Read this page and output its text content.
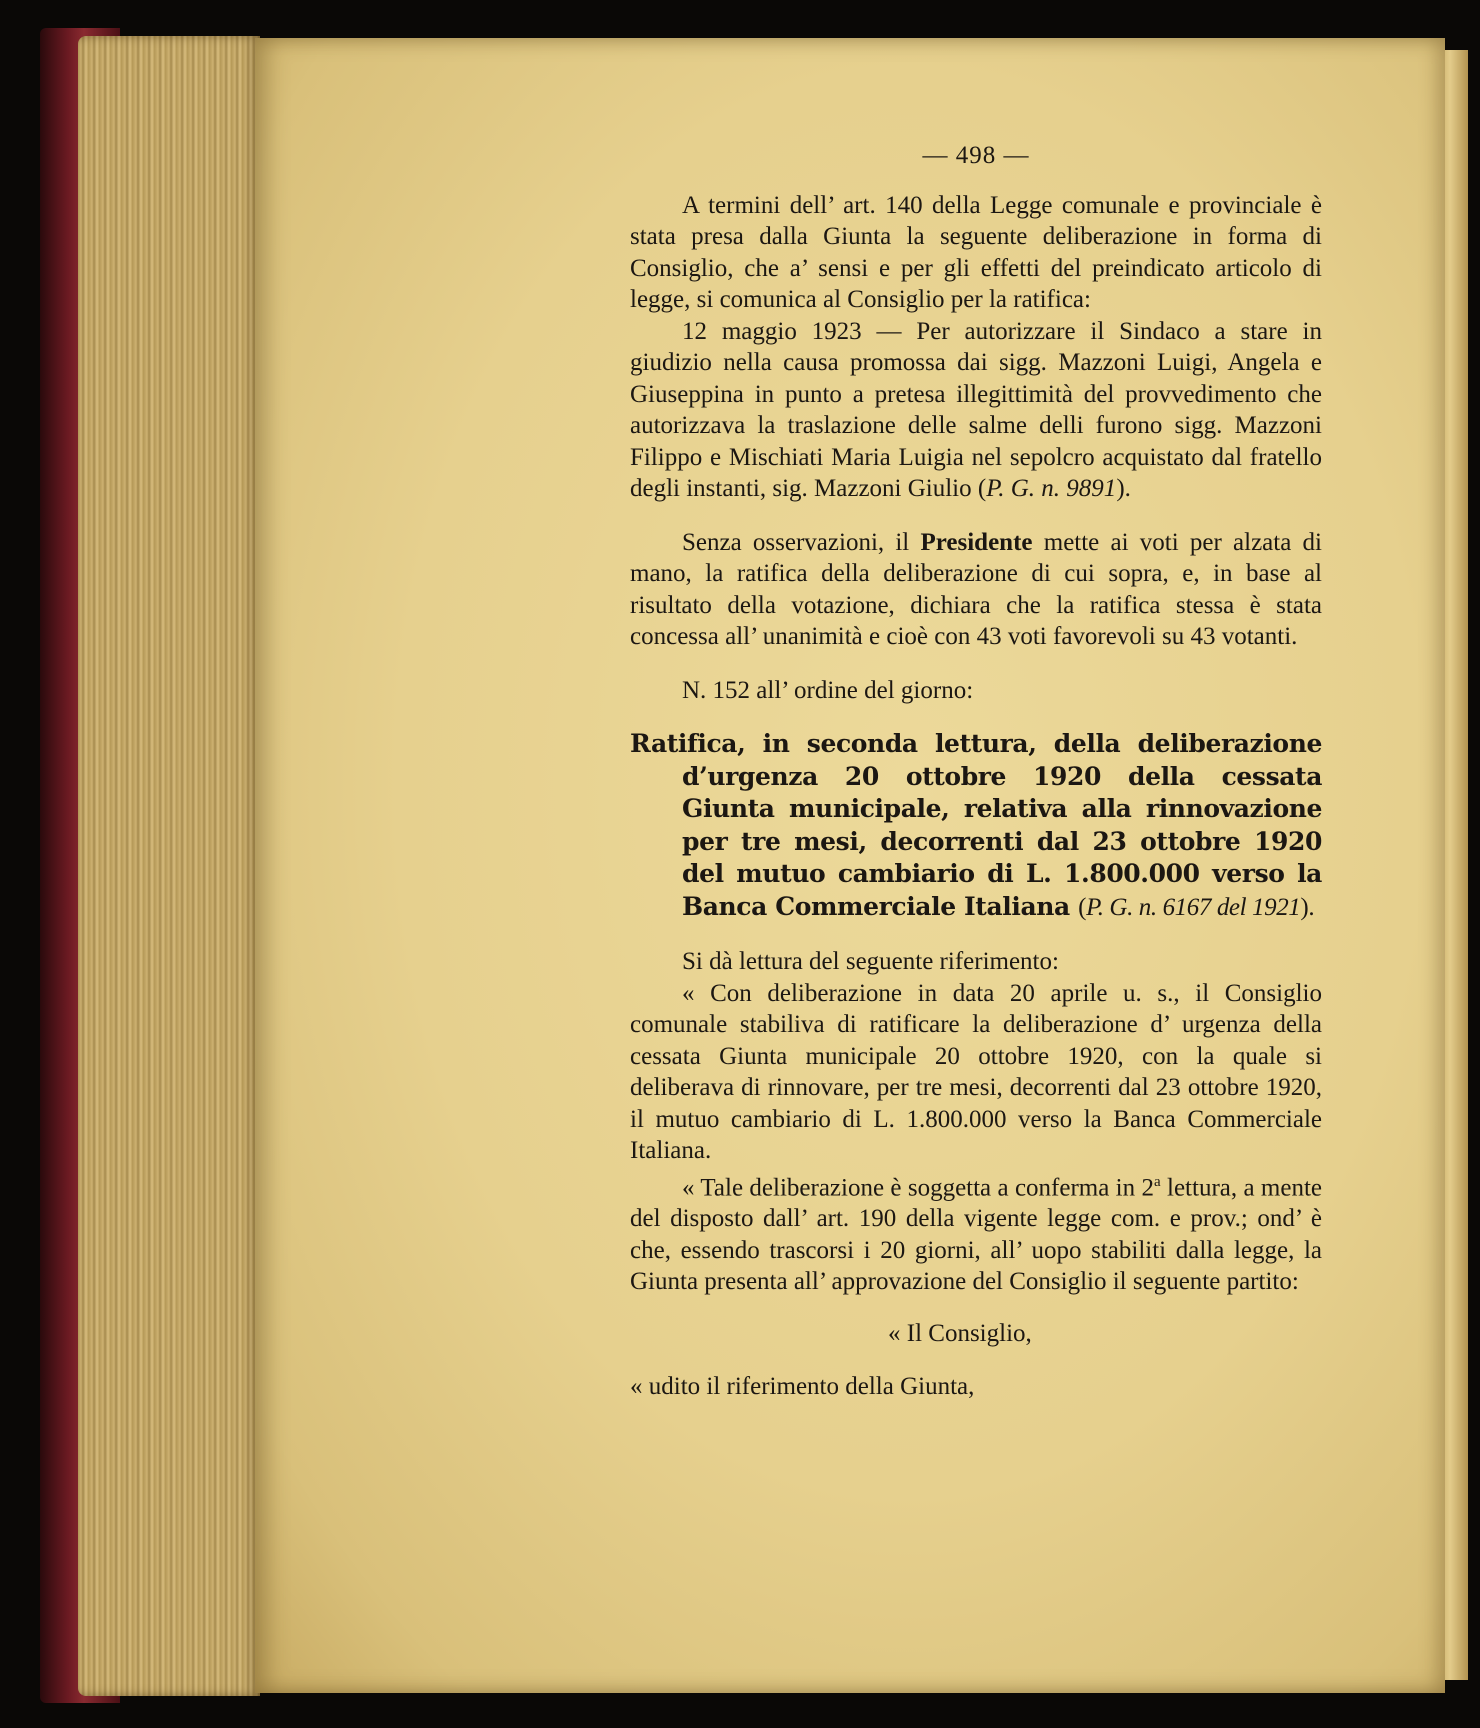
— 498 —

A termini dell’ art. 140 della Legge comunale e provinciale è stata presa dalla Giunta la seguente deliberazione in forma di Consiglio, che a’ sensi e per gli effetti del preindicato articolo di legge, si comunica al Consiglio per la ratifica:

12 maggio 1923 — Per autorizzare il Sindaco a stare in giudizio nella causa promossa dai sigg. Mazzoni Luigi, Angela e Giuseppina in punto a pretesa illegittimità del provvedimento che autorizzava la traslazione delle salme delli furono sigg. Mazzoni Filippo e Mischiati Maria Luigia nel sepolcro acquistato dal fratello degli instanti, sig. Mazzoni Giulio (P. G. n. 9891).

Senza osservazioni, il Presidente mette ai voti per alzata di mano, la ratifica della deliberazione di cui sopra, e, in base al risultato della votazione, dichiara che la ratifica stessa è stata concessa all’ unanimità e cioè con 43 voti favorevoli su 43 votanti.

N. 152 all’ ordine del giorno:

Ratifica, in seconda lettura, della deliberazione d’urgenza 20 ottobre 1920 della cessata Giunta municipale, relativa alla rinnovazione per tre mesi, decorrenti dal 23 ottobre 1920 del mutuo cambiario di L. 1.800.000 verso la Banca Commerciale Italiana (P. G. n. 6167 del 1921).

Si dà lettura del seguente riferimento:

« Con deliberazione in data 20 aprile u. s., il Consiglio comunale stabiliva di ratificare la deliberazione d’ urgenza della cessata Giunta municipale 20 ottobre 1920, con la quale si deliberava di rinnovare, per tre mesi, decorrenti dal 23 ottobre 1920, il mutuo cambiario di L. 1.800.000 verso la Banca Commerciale Italiana.

« Tale deliberazione è soggetta a conferma in 2$^a$ lettura, a mente del disposto dall’ art. 190 della vigente legge com. e prov.; ond’ è che, essendo trascorsi i 20 giorni, all’ uopo stabiliti dalla legge, la Giunta presenta all’ approvazione del Consiglio il seguente partito:

« Il Consiglio,

« udito il riferimento della Giunta,
